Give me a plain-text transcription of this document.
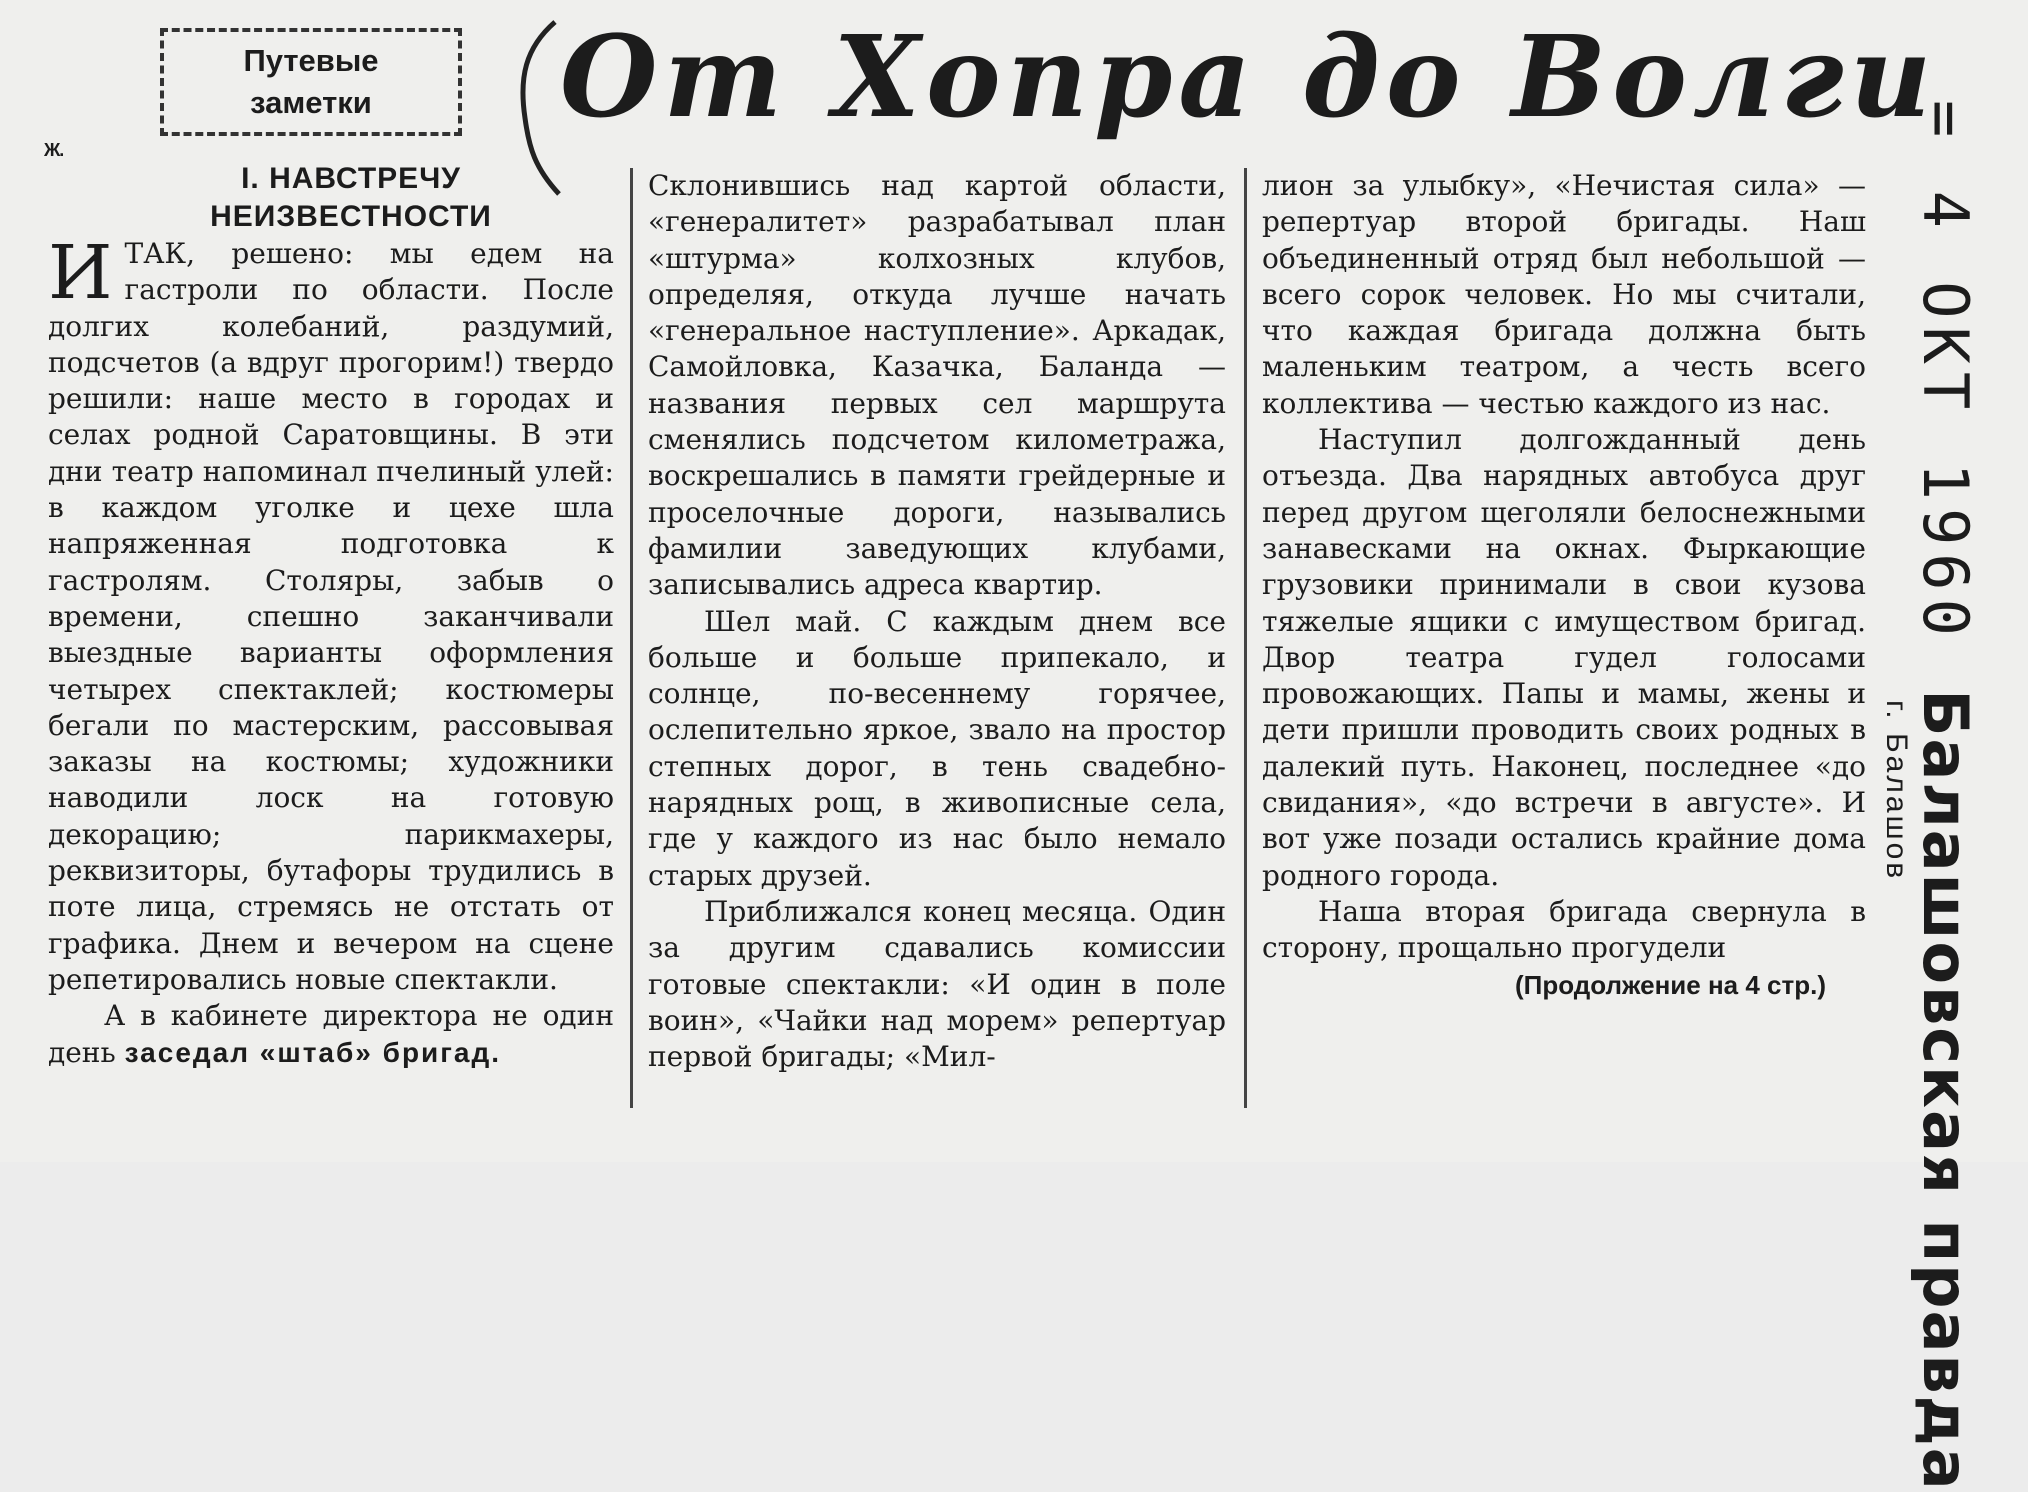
Путевые
заметки От Хопра до Волги
Ж.
I. НАВСТРЕЧУ
НЕИЗВЕСТНОСТИ

ИТАК, решено: мы едем на гастроли по области. После долгих колебаний, раздумий, подсчетов (а вдруг прогорим!) твердо решили: наше место в городах и селах родной Саратовщины. В эти дни театр напоминал пчелиный улей: в каждом уголке и цехе шла напряженная подготовка к гастролям. Столяры, забыв о времени, спешно заканчивали выездные варианты оформления четырех спектаклей; костюмеры бегали по мастерским, рассовывая заказы на костюмы; художники наводили лоск на готовую декорацию; парикмахеры, реквизиторы, бутафоры трудились в поте лица, стремясь не отстать от графика. Днем и вечером на сцене репетировались новые спектакли.

А в кабинете директора не один день заседал «штаб» бригад.

Склонившись над картой области, «генералитет» разрабатывал план «штурма» колхозных клубов, определяя, откуда лучше начать «генеральное наступление». Аркадак, Самойловка, Казачка, Баланда — названия первых сел маршрута сменялись подсчетом километража, воскрешались в памяти грейдерные и проселочные дороги, назывались фамилии заведующих клубами, записывались адреса квартир.

Шел май. С каждым днем все больше и больше припекало, и солнце, по-весеннему горячее, ослепительно яркое, звало на простор степных дорог, в тень свадебно-нарядных рощ, в живописные села, где у каждого из нас было немало старых друзей.

Приближался конец месяца. Один за другим сдавались комиссии готовые спектакли: «И один в поле воин», «Чайки над морем» репертуар первой бригады; «Мил-

лион за улыбку», «Нечистая сила» — репертуар второй бригады. Наш объединенный отряд был небольшой — всего сорок человек. Но мы считали, что каждая бригада должна быть маленьким театром, а честь всего коллектива — честью каждого из нас.

Наступил долгожданный день отъезда. Два нарядных автобуса друг перед другом щеголяли белоснежными занавесками на окнах. Фыркающие грузовики принимали в свои кузова тяжелые ящики с имуществом бригад. Двор театра гудел голосами провожающих. Папы и мамы, жены и дети пришли проводить своих родных в далекий путь. Наконец, последнее «до свидания», «до встречи в августе». И вот уже позади остались крайние дома родного города.

Наша вторая бригада свернула в сторону, прощально прогудели

(Продолжение на 4 стр.)

= 4 ОКТ 1960 Балашовская правда
г. Балашов
